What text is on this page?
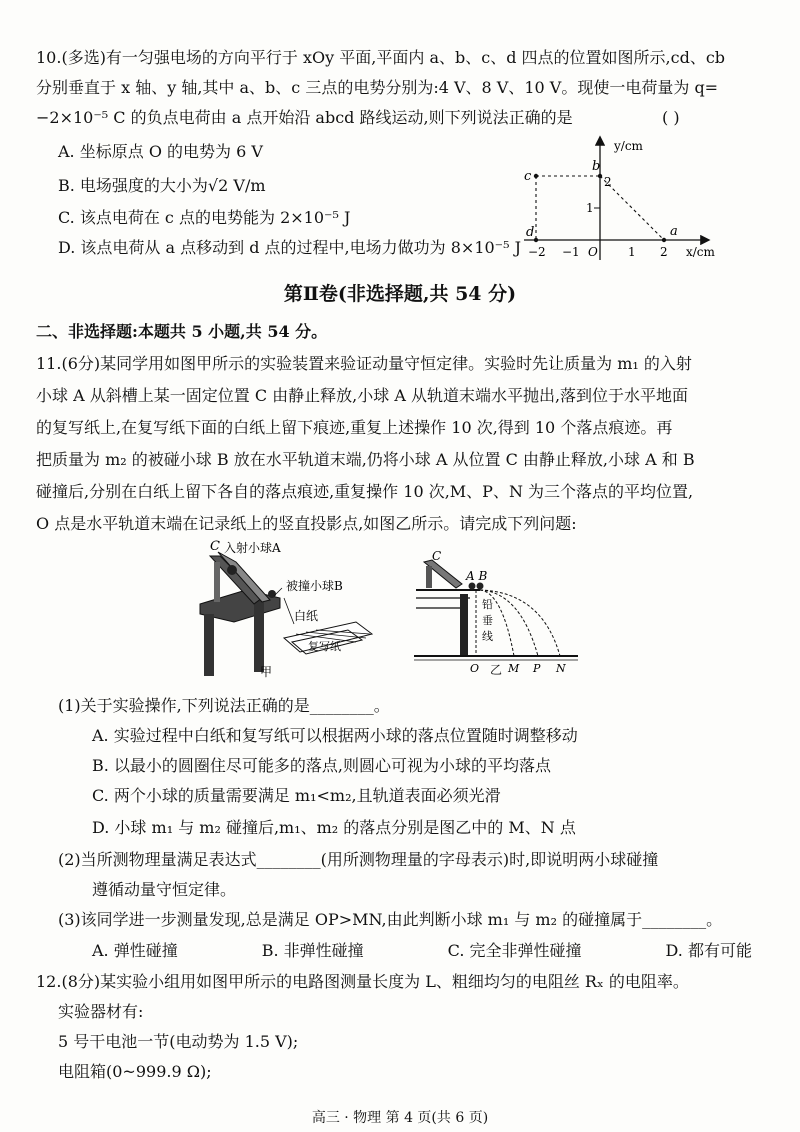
10.(多选)有一匀强电场的方向平行于 xOy 平面,平面内 a、b、c、d 四点的位置如图所示,cd、cb
分别垂直于 x 轴、y 轴,其中 a、b、c 三点的电势分别为:4 V、8 V、10 V。现使一电荷量为 q=
−2×10⁻⁵ C 的负点电荷由 a 点开始沿 abcd 路线运动,则下列说法正确的是	( )
A. 坐标原点 O 的电势为 6 V
B. 电场强度的大小为√2 V/m
C. 该点电荷在 c 点的电势能为 2×10⁻⁵ J
D. 该点电荷从 a 点移动到 d 点的过程中,电场力做功为 8×10⁻⁵ J
a
b
c
d
y/cm
x/cm
−2 −1 O	1 2
1
2
第Ⅱ卷(非选择题,共 54 分)
二、非选择题:本题共 5 小题,共 54 分。
11.(6分)某同学用如图甲所示的实验装置来验证动量守恒定律。实验时先让质量为 m₁ 的入射
小球 A 从斜槽上某一固定位置 C 由静止释放,小球 A 从轨道末端水平抛出,落到位于水平地面
的复写纸上,在复写纸下面的白纸上留下痕迹,重复上述操作 10 次,得到 10 个落点痕迹。再
把质量为 m₂ 的被碰小球 B 放在水平轨道末端,仍将小球 A 从位置 C 由静止释放,小球 A 和 B
碰撞后,分别在白纸上留下各自的落点痕迹,重复操作 10 次,M、P、N 为三个落点的平均位置,
O 点是水平轨道末端在记录纸上的竖直投影点,如图乙所示。请完成下列问题:
C 入射小球A
被撞小球B
白纸
复写纸
甲
C
A B
铅
垂
线
O	M P N
乙
(1)关于实验操作,下列说法正确的是________。
A. 实验过程中白纸和复写纸可以根据两小球的落点位置随时调整移动
B. 以最小的圆圈住尽可能多的落点,则圆心可视为小球的平均落点
C. 两个小球的质量需要满足 m₁<m₂,且轨道表面必须光滑
D. 小球 m₁ 与 m₂ 碰撞后,m₁、m₂ 的落点分别是图乙中的 M、N 点
(2)当所测物理量满足表达式________(用所测物理量的字母表示)时,即说明两小球碰撞
遵循动量守恒定律。
(3)该同学进一步测量发现,总是满足 OP>MN,由此判断小球 m₁ 与 m₂ 的碰撞属于________。
A. 弹性碰撞	B. 非弹性碰撞	C. 完全非弹性碰撞	D. 都有可能
12.(8分)某实验小组用如图甲所示的电路图测量长度为 L、粗细均匀的电阻丝 Rₓ 的电阻率。
实验器材有:
5 号干电池一节(电动势为 1.5 V);
电阻箱(0~999.9 Ω);
高三 · 物理 第 4 页(共 6 页)
